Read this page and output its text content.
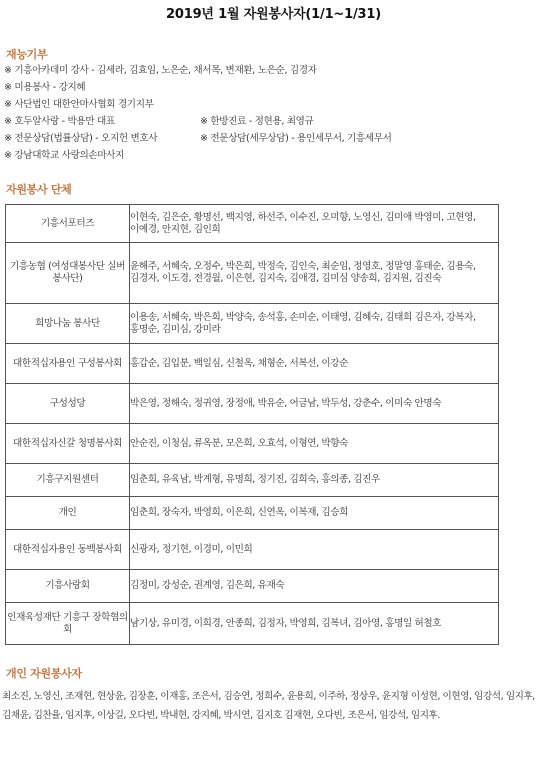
2019년 1월 자원봉사자(1/1~1/31)
재능기부
※ 기흥아카데미 강사 - 김세라, 김효임, 노은순, 채서목, 변재환, 노은순, 김경자
※ 미용봉사 - 강지혜
※ 사단법인 대한안마사협회 경기지부
※ 호두알사랑 - 박용만 대표	※ 한방진료 - 정현용, 최영규
※ 전문상담(법률상담) - 오지헌 변호사	※ 전문상담(세무상담) - 용인세무서, 기흥세무서
※ 강남대학교 사랑의손마사지
자원봉사 단체
기흥서포터즈	이현숙, 김은순, 황명선, 백지영, 하선주, 이수진, 오미향, 노영신, 김미애 박영미, 고현영, 이예경, 안지현, 김인희
기흥농협 (여성대봉사단 실버봉사단)	윤해주, 서혜숙, 오정수, 박은희, 박정숙, 김인숙, 최순임, 정영호, 정말영 홍태순, 김용숙, 김경자, 이도경, 전경월, 이은현, 김지숙, 김애경, 김미심 양송희, 김지원, 김진숙
희망나눔 봉사단	이용송, 서혜숙, 박은희, 박양숙, 송석홍, 손미순, 이태영, 김혜숙, 김태희 김은자, 강복자, 홍명순, 김미심, 강미라
대한적십자용인 구성봉사회	홍갑순, 김입분, 백일심, 신철옥, 채형순, 서복선, 이강순
구성성당	박은영, 정해숙, 정귀영, 장정애, 박유순, 어금남, 박두성, 강춘수, 이미숙 안명숙
대한적십자신갈 청명봉사회	안순진, 이청심, 류옥분, 모은희, 오효석, 이형연, 박향숙
기흥구지원센터	임춘희, 유육남, 박계형, 유명희, 정기진, 김희숙, 홍의종, 김진우
개인	임춘희, 장숙자, 박영희, 이은희, 신연옥, 이복재, 김승희
대한적십자용인 동백봉사회	신광자, 정기현, 이경미, 이민희
기흥사랑회	김정미, 강성순, 권계영, 김은희, 유재숙
인재육성재단 기흥구 장학협의회	남기상, 유미경, 이희경, 안종희, 김정자, 박영희, 김복녀, 김아영, 홍명일 허철호
개인 자원봉사자
최소진, 노영신, 조재현, 현상윤, 김장훈, 이재홍, 조은서, 김승연, 정희수, 윤용희, 이주하, 정상우, 윤지형 이성현, 이현영, 임강석, 임지후, 김채윤, 김찬율, 임지후, 이상길, 오다빈, 박내현, 강지혜, 박시연, 김지호 김재현, 오다빈, 조은서, 임강석, 임지후.
